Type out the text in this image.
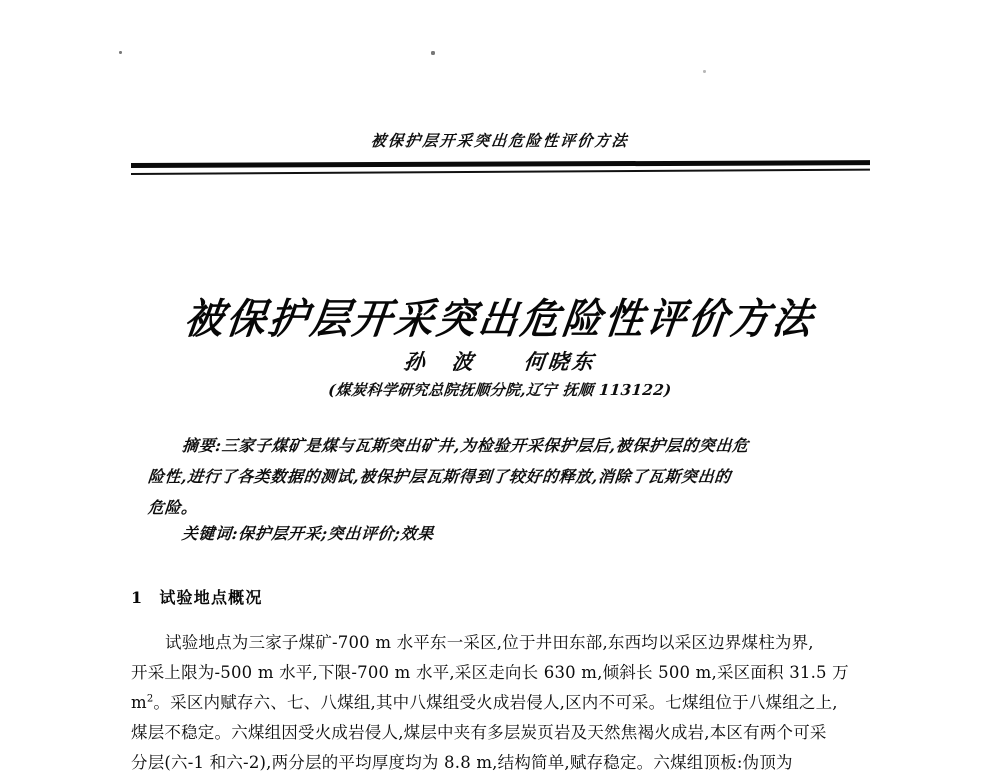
被保护层开采突出危险性评价方法
被保护层开采突出危险性评价方法
孙　波　　何晓东
(煤炭科学研究总院抚顺分院,辽宁 抚顺 113122)
摘要:三家子煤矿是煤与瓦斯突出矿井,为检验开采保护层后,被保护层的突出危
险性,进行了各类数据的测试,被保护层瓦斯得到了较好的释放,消除了瓦斯突出的
危险。
关键词:保护层开采;突出评价;效果
1 试验地点概况
试验地点为三家子煤矿-700 m 水平东一采区,位于井田东部,东西均以采区边界煤柱为界,
开采上限为-500 m 水平,下限-700 m 水平,采区走向长 630 m,倾斜长 500 m,采区面积 31.5 万
$m^2$。采区内赋存六、七、八煤组,其中八煤组受火成岩侵人,区内不可采。七煤组位于八煤组之上,
煤层不稳定。六煤组因受火成岩侵人,煤层中夹有多层炭页岩及天然焦褐火成岩,本区有两个可采
分层(六-1 和六-2),两分层的平均厚度均为 8.8 m,结构简单,赋存稳定。六煤组顶板:伪顶为
